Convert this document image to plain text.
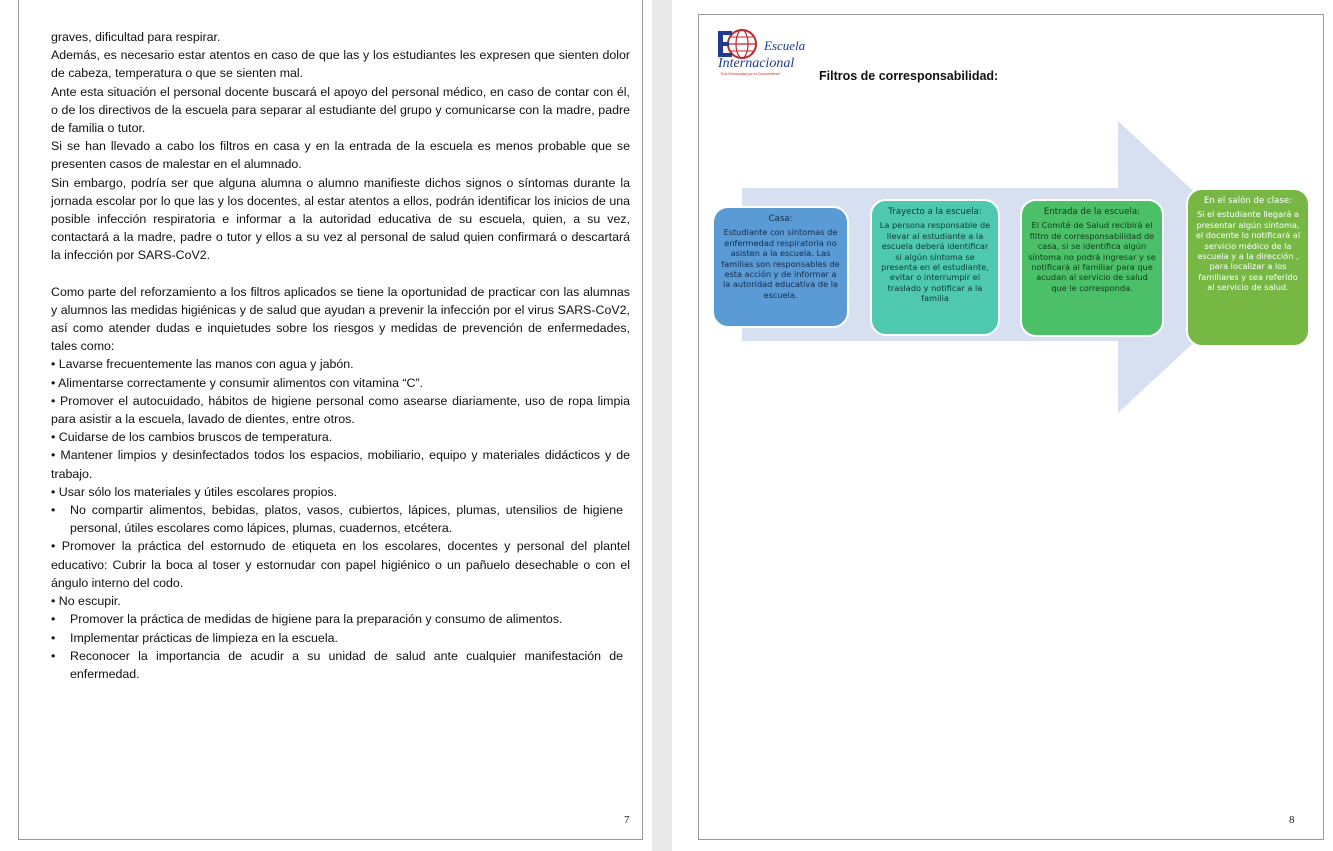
graves, dificultad para respirar.

Además, es necesario estar atentos en caso de que las y los estudiantes les expresen que sienten dolor de cabeza, temperatura o que se sienten mal.

Ante esta situación el personal docente buscará el apoyo del personal médico, en caso de contar con él, o de los directivos de la escuela para separar al estudiante del grupo y comunicarse con la madre, padre de familia o tutor.

Si se han llevado a cabo los filtros en casa y en la entrada de la escuela es menos probable que se presenten casos de malestar en el alumnado.

Sin embargo, podría ser que alguna alumna o alumno manifieste dichos signos o síntomas durante la jornada escolar por lo que las y los docentes, al estar atentos a ellos, podrán identificar los inicios de una posible infección respiratoria e informar a la autoridad educativa de su escuela, quien, a su vez, contactará a la madre, padre o tutor y ellos a su vez al personal de salud quien confirmará o descartará la infección por SARS-CoV2.

Como parte del reforzamiento a los filtros aplicados se tiene la oportunidad de practicar con las alumnas y alumnos las medidas higiénicas y de salud que ayudan a prevenir la infección por el virus SARS-CoV2, así como atender dudas e inquietudes sobre los riesgos y medidas de prevención de enfermedades, tales como:

• Lavarse frecuentemente las manos con agua y jabón.
• Alimentarse correctamente y consumir alimentos con vitamina “C”.
• Promover el autocuidado, hábitos de higiene personal como asearse diariamente, uso de ropa limpia para asistir a la escuela, lavado de dientes, entre otros.
• Cuidarse de los cambios bruscos de temperatura.
• Mantener limpios y desinfectados todos los espacios, mobiliario, equipo y materiales didácticos y de trabajo.
• Usar sólo los materiales y útiles escolares propios.
•	No compartir alimentos, bebidas, platos, vasos, cubiertos, lápices, plumas, utensilios de higiene personal, útiles escolares como lápices, plumas, cuadernos, etcétera.
• Promover la práctica del estornudo de etiqueta en los escolares, docentes y personal del plantel educativo: Cubrir la boca al toser y estornudar con papel higiénico o un pañuelo desechable o con el ángulo interno del codo.
• No escupir.
•	Promover la práctica de medidas de higiene para la preparación y consumo de alimentos.
•	Implementar prácticas de limpieza en la escuela.
•	Reconocer la importancia de acudir a su unidad de salud ante cualquier manifestación de enfermedad.
7
Escuela
Internacional
"A la Humanidad por el Conocimiento"	Filtros de corresponsabilidad:
Casa:
Estudiante con síntomas de enfermedad respiratoria no asisten a la escuela. Las familias son responsables de esta acción y de informar a la autoridad educativa de la escuela.
Trayecto a la escuela:
La persona responsable de llevar al estudiante a la escuela deberá identificar si algún síntoma se presenta en el estudiante, evitar o interrumpir el traslado y notificar a la familia
Entrada de la escuela:
El Comité de Salud recibirá el filtro de corresponsabilidad de casa, si se identifica algún síntoma no podrá ingresar y se notificará al familiar para que acudan al servicio de salud que le corresponda.
En el salón de clase:
Si el estudiante llegará a presentar algún síntoma, el docente lo notificará al servicio médico de la escuela y a la dirección , para localizar a los familiares y sea referido al servicio de salud.
8
